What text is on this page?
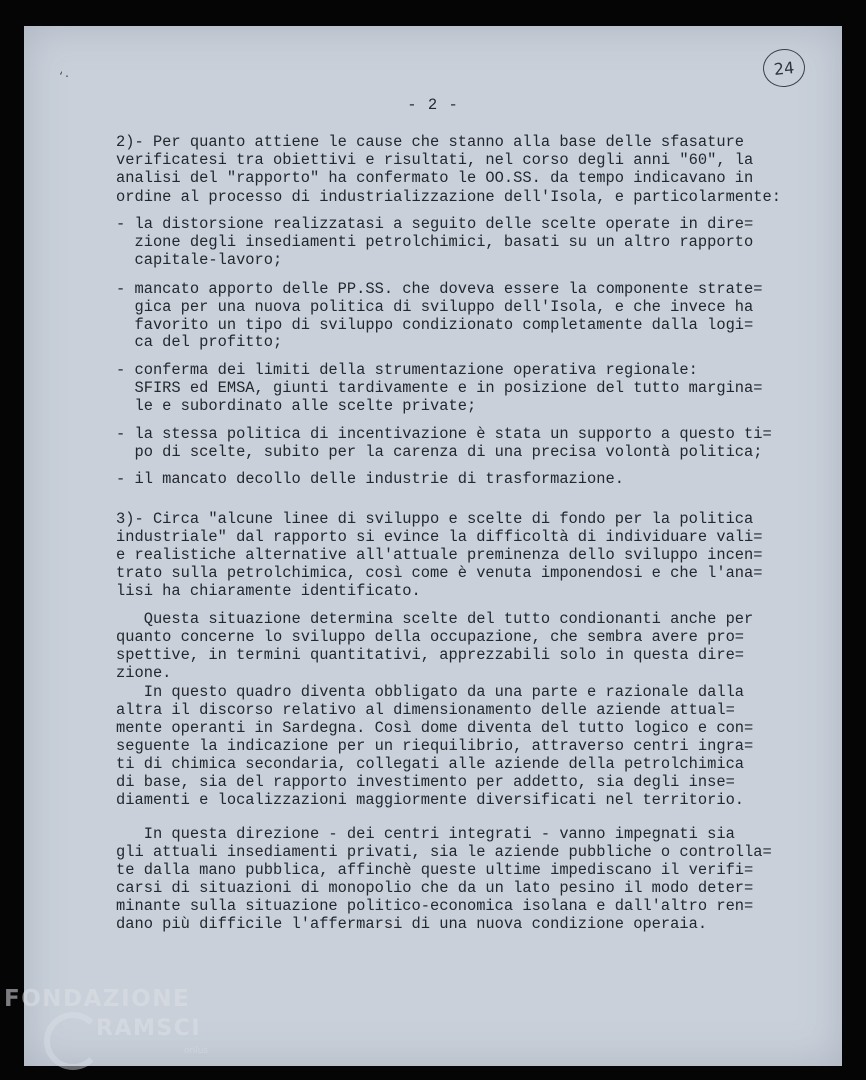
‘·	24
- 2 -
2)- Per quanto attiene le cause che stanno alla base delle sfasature
verificatesi tra obiettivi e risultati, nel corso degli anni "60", la
analisi del "rapporto" ha confermato le OO.SS. da tempo indicavano in
ordine al processo di industrializzazione dell'Isola, e particolarmente:
- la distorsione realizzatasi a seguito delle scelte operate in dire=
zione degli insediamenti petrolchimici, basati su un altro rapporto
capitale-lavoro;
- mancato apporto delle PP.SS. che doveva essere la componente strate=
gica per una nuova politica di sviluppo dell'Isola, e che invece ha
favorito un tipo di sviluppo condizionato completamente dalla logi=
ca del profitto;
- conferma dei limiti della strumentazione operativa regionale:
SFIRS ed EMSA, giunti tardivamente e in posizione del tutto margina=
le e subordinato alle scelte private;
- la stessa politica di incentivazione è stata un supporto a questo ti=
po di scelte, subito per la carenza di una precisa volontà politica;
- il mancato decollo delle industrie di trasformazione.
3)- Circa "alcune linee di sviluppo e scelte di fondo per la politica
industriale" dal rapporto si evince la difficoltà di individuare vali=
e realistiche alternative all'attuale preminenza dello sviluppo incen=
trato sulla petrolchimica, così come è venuta imponendosi e che l'ana=
lisi ha chiaramente identificato.
Questa situazione determina scelte del tutto condionanti anche per
quanto concerne lo sviluppo della occupazione, che sembra avere pro=
spettive, in termini quantitativi, apprezzabili solo in questa dire=
zione.
In questo quadro diventa obbligato da una parte e razionale dalla
altra il discorso relativo al dimensionamento delle aziende attual=
mente operanti in Sardegna. Così dome diventa del tutto logico e con=
seguente la indicazione per un riequilibrio, attraverso centri ingra=
ti di chimica secondaria, collegati alle aziende della petrolchimica
di base, sia del rapporto investimento per addetto, sia degli inse=
diamenti e localizzazioni maggiormente diversificati nel territorio.
In questa direzione - dei centri integrati - vanno impegnati sia
gli attuali insediamenti privati, sia le aziende pubbliche o controlla=
te dalla mano pubblica, affinchè queste ultime impediscano il verifi=
carsi di situazioni di monopolio che da un lato pesino il modo deter=
minante sulla situazione politico-economica isolana e dall'altro ren=
dano più difficile l'affermarsi di una nuova condizione operaia.
FONDAZIONE
RAMSCI
onlus
